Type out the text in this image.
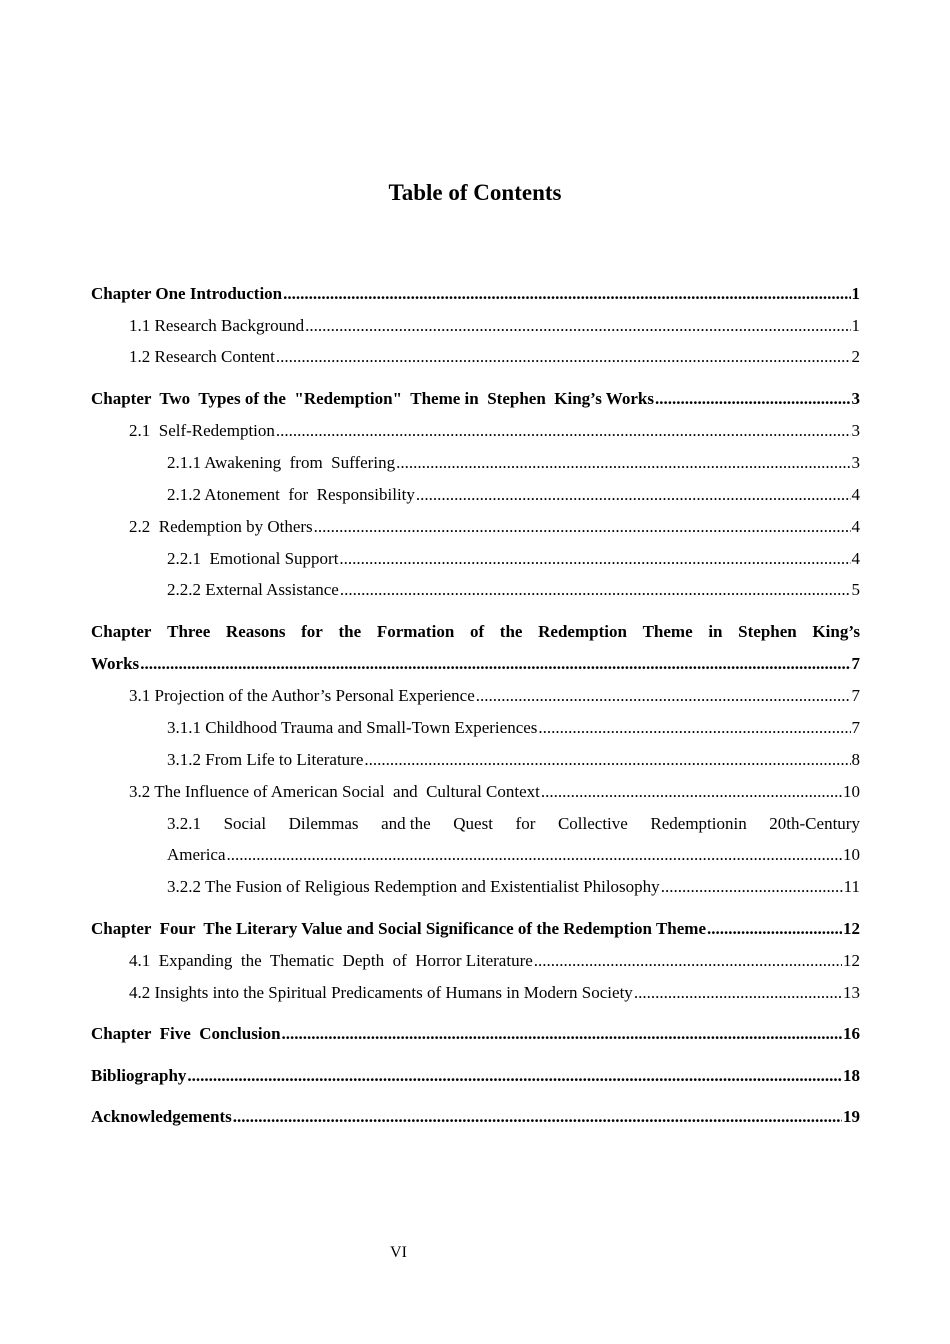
Table of Contents
Chapter One Introduction .....	1
1.1 Research Background .....	1
1.2 Research Content .....	2
Chapter  Two  Types of the  "Redemption"  Theme in  Stephen  King’s Works .....	3
2.1  Self-Redemption .....	3
2.1.1 Awakening  from  Suffering .....	3
2.1.2 Atonement  for  Responsibility .....	4
2.2  Redemption by Others .....	4
2.2.1  Emotional Support .....	4
2.2.2 External Assistance .....	5
Chapter Three Reasons for the Formation of the Redemption Theme in Stephen King’s
Works .....	7
3.1 Projection of the Author’s Personal Experience .....	7
3.1.1 Childhood Trauma and Small-Town Experiences .....	7
3.1.2 From Life to Literature .....	8
3.2 The Influence of American Social  and  Cultural Context .....	10
3.2.1 Social Dilemmas and the Quest for Collective Redemptionin 20th-Century
America .....	10
3.2.2 The Fusion of Religious Redemption and Existentialist Philosophy .....	11
Chapter  Four  The Literary Value and Social Significance of the Redemption Theme .....	12
4.1  Expanding  the  Thematic  Depth  of  Horror Literature .....	12
4.2 Insights into the Spiritual Predicaments of Humans in Modern Society .....	13
Chapter  Five  Conclusion .....	16
Bibliography .....	18
Acknowledgements .....	19
VI
